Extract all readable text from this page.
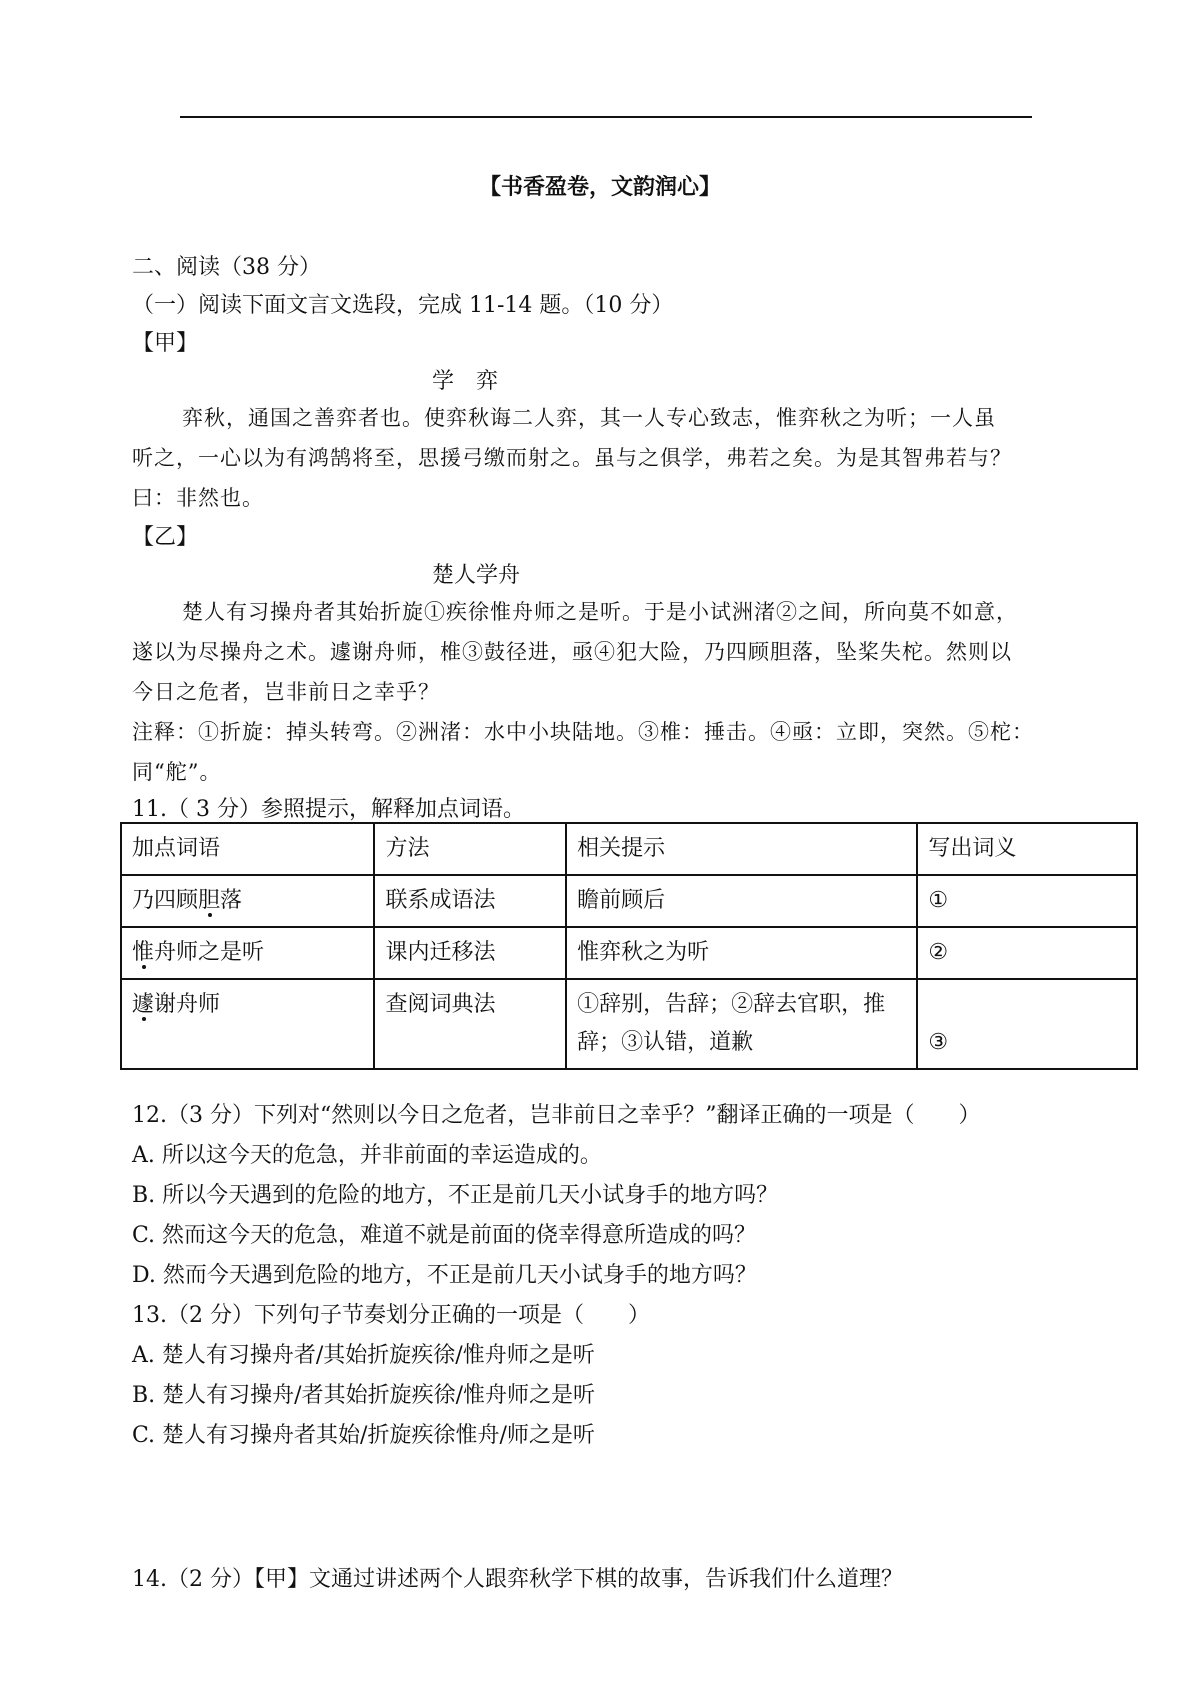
【书香盈卷，文韵润心】
二、阅读（38 分）
（一）阅读下面文言文选段，完成 11-14 题。（10 分）
【甲】
学　弈
弈秋，通国之善弈者也。使弈秋诲二人弈，其一人专心致志，惟弈秋之为听；一人虽
听之，一心以为有鸿鹄将至，思援弓缴而射之。虽与之俱学，弗若之矣。为是其智弗若与？
曰：非然也。
【乙】
楚人学舟
楚人有习操舟者其始折旋①疾徐惟舟师之是听。于是小试洲渚②之间，所向莫不如意，
遂以为尽操舟之术。遽谢舟师，椎③鼓径进，亟④犯大险，乃四顾胆落，坠桨失柁。然则以
今日之危者，岂非前日之幸乎？
注释：①折旋：掉头转弯。②洲渚：水中小块陆地。③椎：捶击。④亟：立即，突然。⑤柁：
同“舵”。
11.（ 3 分）参照提示，解释加点词语。
加点词语	方法	相关提示	写出词义
乃四顾胆落	联系成语法	瞻前顾后	①
惟舟师之是听	课内迁移法	惟弈秋之为听	②
遽谢舟师	查阅词典法	①辞别，告辞；②辞去官职，推辞；③认错，道歉	③
12.（3 分）下列对“然则以今日之危者，岂非前日之幸乎？”翻译正确的一项是（　　）
A. 所以这今天的危急，并非前面的幸运造成的。
B. 所以今天遇到的危险的地方，不正是前几天小试身手的地方吗？
C. 然而这今天的危急，难道不就是前面的侥幸得意所造成的吗？
D. 然而今天遇到危险的地方，不正是前几天小试身手的地方吗？
13.（2 分）下列句子节奏划分正确的一项是（　　）
A. 楚人有习操舟者/其始折旋疾徐/惟舟师之是听
B. 楚人有习操舟/者其始折旋疾徐/惟舟师之是听
C. 楚人有习操舟者其始/折旋疾徐惟舟/师之是听
14.（2 分）【甲】文通过讲述两个人跟弈秋学下棋的故事，告诉我们什么道理？
